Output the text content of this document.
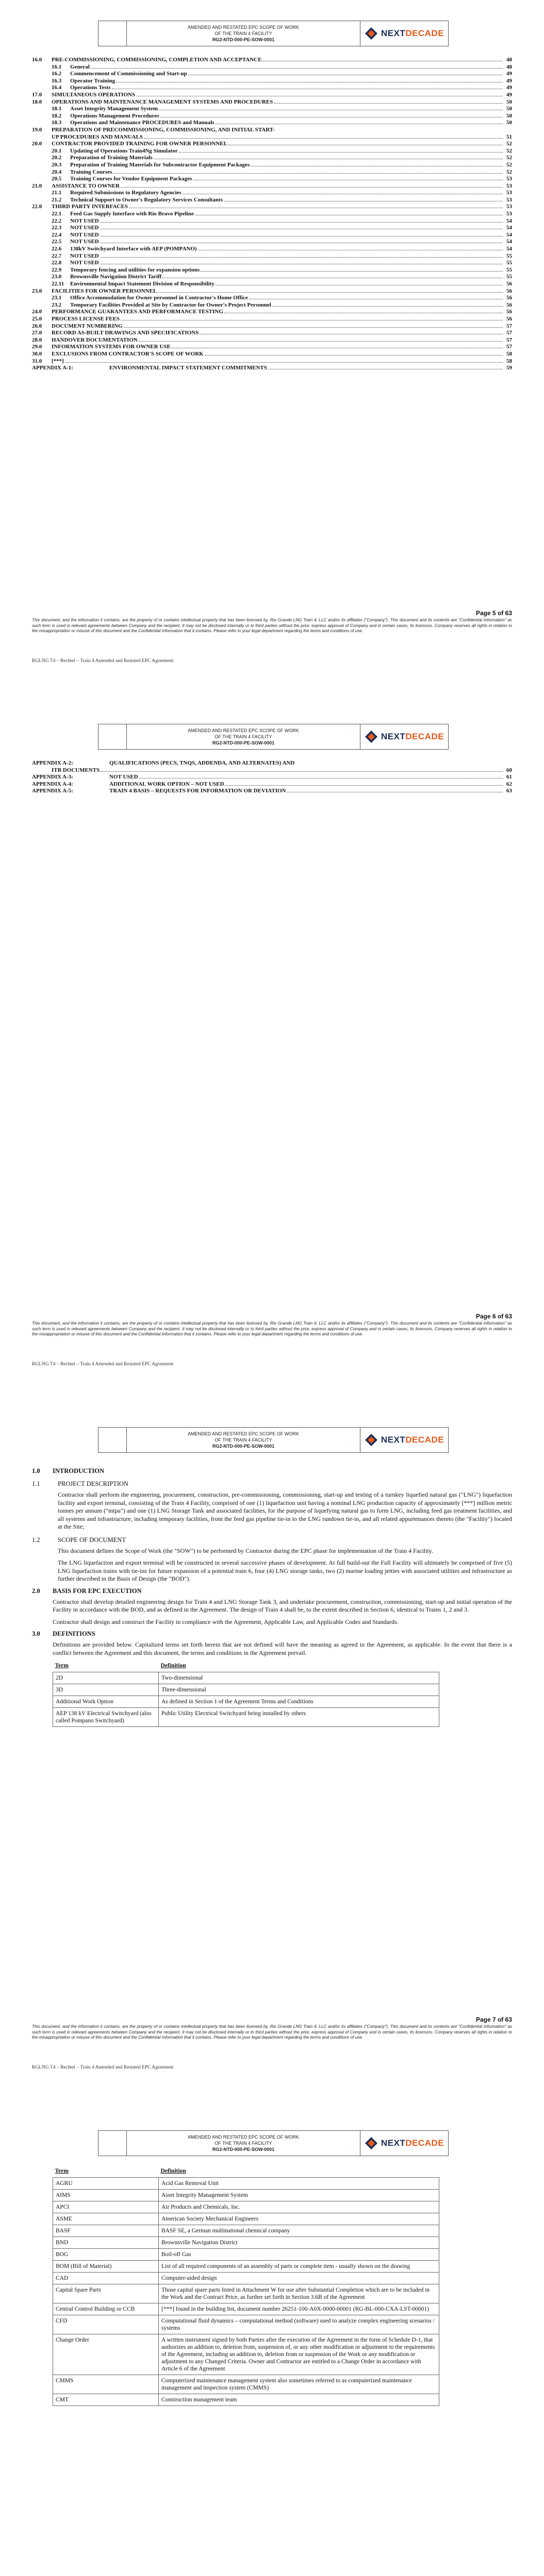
AMENDED AND RESTATED EPC SCOPE OF WORK
OF THE TRAIN 4 FACILITY
RG2-NTD-000-PE-SOW-0001
NEXTDECADE
16.0	PRE-COMMISSIONING, COMMISSIONING, COMPLETION AND ACCEPTANCE	48
16.1	General	48
16.2	Commencement of Commissioning and Start-up	49
16.3	Operator Training	49
16.4	Operations Tests	49
17.0	SIMULTANEOUS OPERATIONS	49
18.0	OPERATIONS AND MAINTENANCE MANAGEMENT SYSTEMS AND PROCEDURES	50
18.1	Asset Integrity Management System	50
18.2	Operations Management Procedures	50
18.3	Operations and Maintenance PROCEDURES and Manuals	50
19.0	PREPARATION OF PRECOMMISSIONING, COMMISSIONING, AND INITIAL START-
UP PROCEDURES AND MANUALS	51
20.0	CONTRACTOR PROVIDED TRAINING FOR OWNER PERSONNEL	52
20.1	Updating of Operations Train4Ng Simulator	52
20.2	Preparation of Training Materials	52
20.3	Preparation of Training Materials for Subcontractor Equipment Packages	52
20.4	Training Courses	52
20.5	Training Courses for Vendor Equipment Packages	53
21.0	ASSISTANCE TO OWNER	53
21.1	Required Submissions to Regulatory Agencies	53
21.2	Technical Support to Owner's Regulatory Services Consultants	53
22.0	THIRD PARTY INTERFACES	53
22.1	Feed Gas Supply Interface with Rio Bravo Pipeline	53
22.2	NOT USED	54
22.3	NOT USED	54
22.4	NOT USED	54
22.5	NOT USED	54
22.6	138kV Switchyard Interface with AEP (POMPANO)	54
22.7	NOT USED	55
22.8	NOT USED	55
22.9	Temporary fencing and utilities for expansion options	55
23.0	Brownsville Navigation District Tariff	55
22.11	Environmental Impact Statement Division of Responsibility	56
23.0	FACILITIES FOR OWNER PERSONNEL	56
23.1	Office Accommodation for Owner personnel in Contractor's Home Office	56
23.2	Temporary Facilities Provided at Site by Contractor for Owner's Project Personnel	56
24.0	PERFORMANCE GUARANTEES AND PERFORMANCE TESTING	56
25.0	PROCESS LICENSE FEES	56
26.0	DOCUMENT NUMBERING	57
27.0	RECORD AS-BUILT DRAWINGS AND SPECIFICATIONS	57
28.0	HANDOVER DOCUMENTATION	57
29.0	INFORMATION SYSTEMS FOR OWNER USE	57
30.0	EXCLUSIONS FROM CONTRACTOR'S SCOPE OF WORK	58
31.0	[***]	58
APPENDIX A-1:	ENVIRONMENTAL IMPACT STATEMENT COMMITMENTS	59
Page 5 of 63
This document, and the information it contains, are the property of or contains intellectual property that has been licensed by, Rio Grande LNG Train 4, LLC and/or its affiliates ("Company"). This document and its contents are "Confidential Information" as such term is used in relevant agreements between Company and the recipient. It may not be disclosed internally or to third parties without the prior, express approval of Company and in certain cases, its licensors. Company reserves all rights in relation to the misappropriation or misuse of this document and the Confidential Information that it contains. Please refer to your legal department regarding the terms and conditions of use.
RGLNG T4 – Bechtel – Train 4 Amended and Restated EPC Agreement
AMENDED AND RESTATED EPC SCOPE OF WORK
OF THE TRAIN 4 FACILITY
RG2-NTD-000-PE-SOW-0001
NEXTDECADE
APPENDIX A-2:	QUALIFICATIONS (PECS, TNQS, ADDENDA, AND ALTERNATES) AND
ITB DOCUMENTS	60
APPENDIX A-3:	NOT USED	61
APPENDIX A-4:	ADDITIONAL WORK OPTION – NOT USED	62
APPENDIX A-5:	TRAIN 4 BASIS – REQUESTS FOR INFORMATION OR DEVIATION	63
Page 6 of 63
This document, and the information it contains, are the property of or contains intellectual property that has been licensed by, Rio Grande LNG Train 4, LLC and/or its affiliates ("Company"). This document and its contents are "Confidential Information" as such term is used in relevant agreements between Company and the recipient. It may not be disclosed internally or to third parties without the prior, express approval of Company and in certain cases, its licensors. Company reserves all rights in relation to the misappropriation or misuse of this document and the Confidential Information that it contains. Please refer to your legal department regarding the terms and conditions of use.
RGLNG T4 – Bechtel – Train 4 Amended and Restated EPC Agreement
AMENDED AND RESTATED EPC SCOPE OF WORK
OF THE TRAIN 4 FACILITY
RG2-NTD-000-PE-SOW-0001
NEXTDECADE
1.0	INTRODUCTION
1.1	PROJECT DESCRIPTION
Contractor shall perform the engineering, procurement, construction, pre-commissioning, commissioning, start-up and testing of a turnkey liquefied natural gas ("LNG") liquefaction facility and export terminal, consisting of the Train 4 Facility, comprised of one (1) liquefaction unit having a nominal LNG production capacity of approximately [***] million metric tonnes per annum ("mtpa") and one (1) LNG Storage Tank and associated facilities, for the purpose of liquefying natural gas to form LNG, including feed gas treatment facilities, and all systems and infrastructure, including temporary facilities, from the feed gas pipeline tie-in to the LNG rundown tie-in, and all related appurtenances thereto (the "Facility") located at the Site;
1.2	SCOPE OF DOCUMENT
This document defines the Scope of Work (the "SOW") to be performed by Contractor during the EPC phase for implementation of the Train 4 Facility.
The LNG liquefaction and export terminal will be constructed in several successive phases of development. At full build-out the Full Facility will ultimately be comprised of five (5) LNG liquefaction trains with tie-ins for future expansion of a potential train 6, four (4) LNG storage tanks, two (2) marine loading jetties with associated utilities and infrastructure as further described in the Basis of Design (the "BOD").
2.0	BASIS FOR EPC EXECUTION
Contractor shall develop detailed engineering design for Train 4 and LNG Storage Tank 3, and undertake procurement, construction, commissioning, start-up and initial operation of the Facility in accordance with the BOD, and as defined in the Agreement. The design of Train 4 shall be, to the extent described in Section 6, identical to Trains 1, 2 and 3.
Contractor shall design and construct the Facility in compliance with the Agreement, Applicable Law, and Applicable Codes and Standards.
3.0	DEFINITIONS
Definitions are provided below. Capitalized terms set forth herein that are not defined will have the meaning as agreed in the Agreement, as applicable. In the event that there is a conflict between the Agreement and this document, the terms and conditions in the Agreement prevail.
Term	Definition
2D	Two-dimensional
3D	Three-dimensional
Additional Work Option	As defined in Section 1 of the Agreement Terms and Conditions
AEP 138 kV Electrical Switchyard (also called Pompano Switchyard)	Public Utility Electrical Switchyard being installed by others
Page 7 of 63
This document, and the information it contains, are the property of or contains intellectual property that has been licensed by, Rio Grande LNG Train 4, LLC and/or its affiliates ("Company"). This document and its contents are "Confidential Information" as such term is used in relevant agreements between Company and the recipient. It may not be disclosed internally or to third parties without the prior, express approval of Company and in certain cases, its licensors. Company reserves all rights in relation to the misappropriation or misuse of this document and the Confidential Information that it contains. Please refer to your legal department regarding the terms and conditions of use.
RGLNG T4 – Bechtel – Train 4 Amended and Restated EPC Agreement
AMENDED AND RESTATED EPC SCOPE OF WORK
OF THE TRAIN 4 FACILITY
RG2-NTD-000-PE-SOW-0001
NEXTDECADE
Term	Definition
AGRU	Acid Gas Removal Unit
AIMS	Asset Integrity Management System
APCI	Air Products and Chemicals, Inc.
ASME	American Society Mechanical Engineers
BASF	BASF SE, a German multinational chemical company
BND	Brownsville Navigation District
BOG	Boil-off Gas
BOM (Bill of Material)	List of all required components of an assembly of parts or complete item - usually shown on the drawing
CAD	Computer-aided design
Capital Spare Parts	Those capital spare parts listed in Attachment W for use after Substantial Completion which are to be included in the Work and the Contract Price, as further set forth in Section 3.6B of the Agreement
Central Control Building or CCB	[***] found in the building list, document number 26251-100-A0X-0000-00001 (RG-BL-000-CXA-LST-00001)
CFD	Computational fluid dynamics – computational method (software) used to analyze complex engineering scenarios / systems
Change Order	A written instrument signed by both Parties after the execution of the Agreement in the form of Schedule D-1, that authorizes an addition to, deletion from, suspension of, or any other modification or adjustment to the requirements of the Agreement, including an addition to, deletion from or suspension of the Work or any modification or adjustment to any Changed Criteria. Owner and Contractor are entitled to a Change Order in accordance with Article 6 of the Agreement
CMMS	Computerized maintenance management system also sometimes referred to as computerized maintenance management and inspection system (CMMS)
CMT	Construction management team
